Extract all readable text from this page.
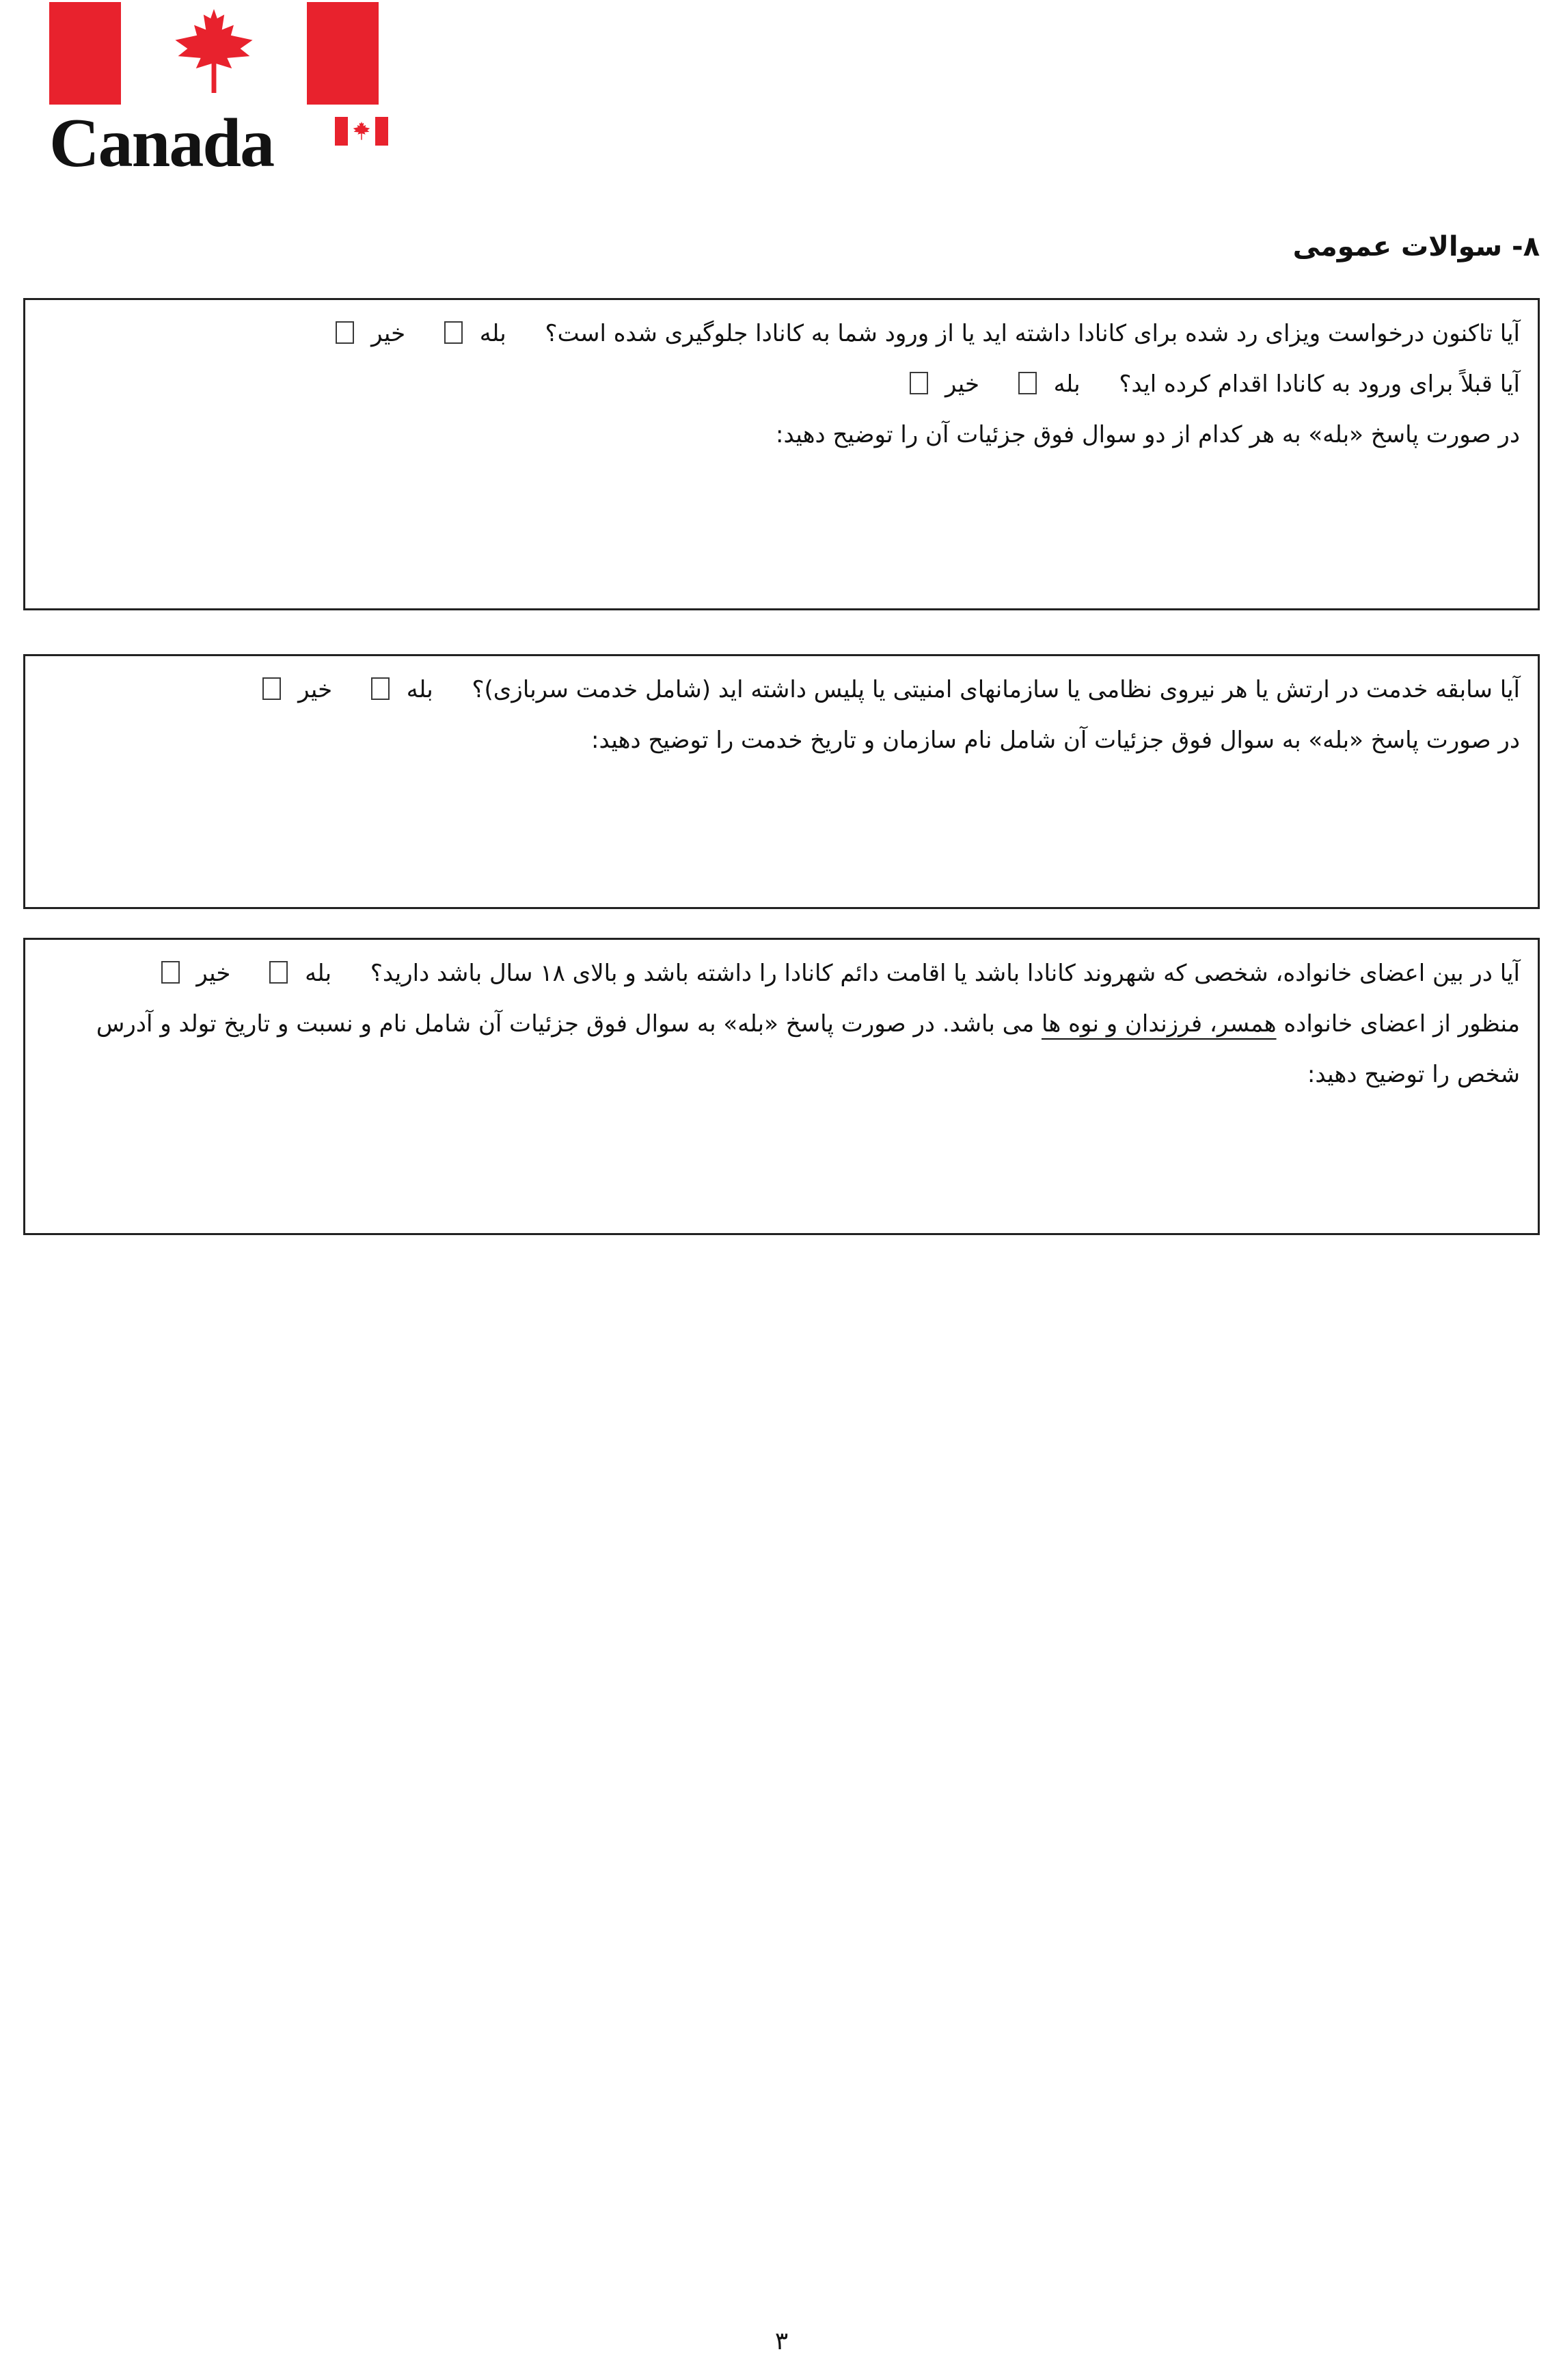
Canada
۸- سوالات عمومی
آیا تاکنون درخواست ویزای رد شده برای کانادا داشته اید یا از ورود شما به کانادا جلوگیری شده است؟ بله  خیر
آیا قبلاً برای ورود به کانادا اقدام کرده اید؟ بله  خیر
در صورت پاسخ «بله» به هر کدام از دو سوال فوق جزئیات آن را توضیح دهید:
آیا سابقه خدمت در ارتش یا هر نیروی نظامی یا سازمانهای امنیتی یا پلیس داشته اید (شامل خدمت سربازی)؟ بله  خیر
در صورت پاسخ «بله» به سوال فوق جزئیات آن شامل نام سازمان و تاریخ خدمت را توضیح دهید:
آیا در بین اعضای خانواده، شخصی که شهروند کانادا باشد یا اقامت دائم کانادا را داشته باشد و بالای ۱۸ سال باشد دارید؟ بله  خیر
منظور از اعضای خانواده همسر، فرزندان و نوه ها می باشد. در صورت پاسخ «بله» به سوال فوق جزئیات آن شامل نام و نسبت و تاریخ تولد و آدرس شخص را توضیح دهید:
۳
